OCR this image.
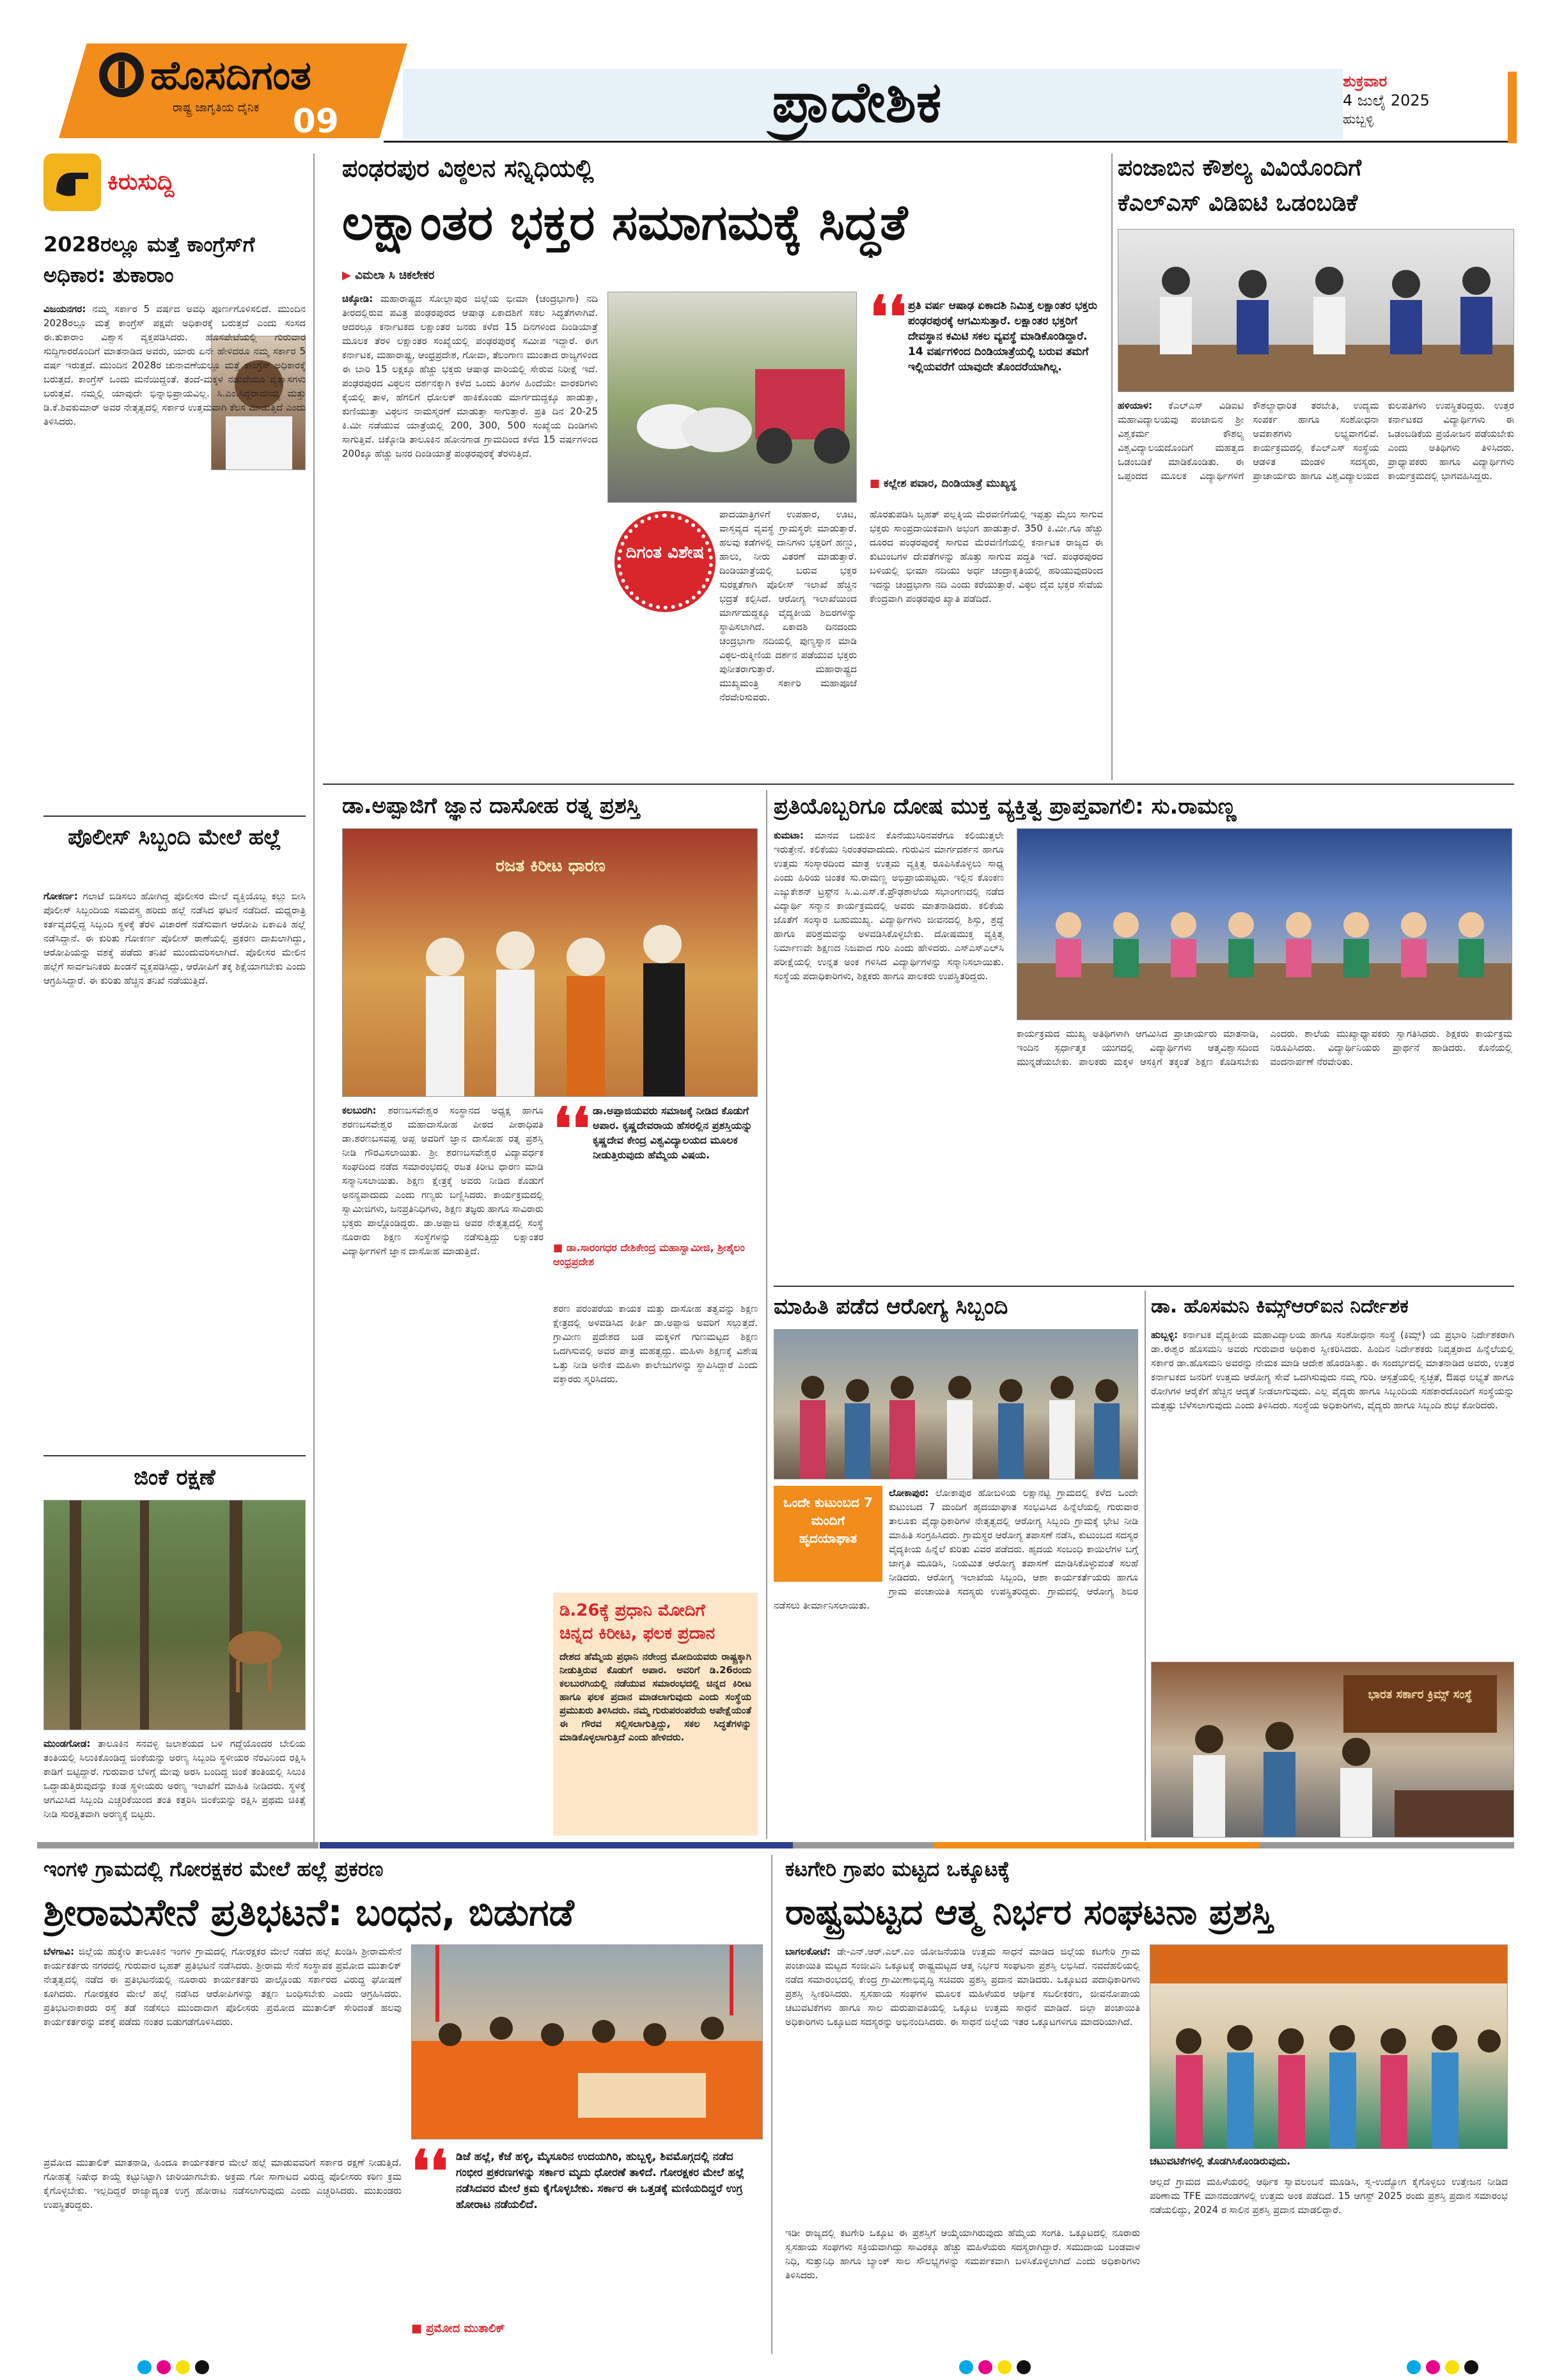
ಹೊಸದಿಗಂತ
ರಾಷ್ಟ್ರ ಜಾಗೃತಿಯ ದೈನಿಕ	09	ಪ್ರಾದೇಶಿಕ	ಶುಕ್ರವಾರ
4 ಜುಲೈ 2025
ಹುಬ್ಬಳ್ಳಿ
ಕಿರುಸುದ್ದಿ
2028ರಲ್ಲೂ ಮತ್ತೆ ಕಾಂಗ್ರೆಸ್‌ಗೆ ಅಧಿಕಾರ: ತುಕಾರಾಂ
ವಿಜಯನಗರ: ನಮ್ಮ ಸರ್ಕಾರ 5 ವರ್ಷದ ಅವಧಿ ಪೂರ್ಣಗೊಳಿಸಲಿದೆ. ಮುಂದಿನ 2028ರಲ್ಲೂ ಮತ್ತೆ ಕಾಂಗ್ರೆಸ್ ಪಕ್ಷವೇ ಅಧಿಕಾರಕ್ಕೆ ಬರುತ್ತದೆ ಎಂದು ಸಂಸದ ಈ.ತುಕಾರಾಂ ವಿಶ್ವಾಸ ವ್ಯಕ್ತಪಡಿಸಿದರು. ಹೊಸಪೇಟೆಯಲ್ಲಿ ಗುರುವಾರ ಸುದ್ದಿಗಾರರೊಂದಿಗೆ ಮಾತನಾಡಿದ ಅವರು, ಯಾರು ಏನೇ ಹೇಳಿದರೂ ನಮ್ಮ ಸರ್ಕಾರ 5 ವರ್ಷ ಇರುತ್ತದೆ. ಮುಂದಿನ 2028ರ ಚುನಾವಣೆಯಲ್ಲೂ ಮತ್ತೆ ಕಾಂಗ್ರೆಸ್ ಅಧಿಕಾರಕ್ಕೆ ಬರುತ್ತದೆ. ಕಾಂಗ್ರೆಸ್ ಒಂದು ಮನೆಯಿದ್ದಂತೆ. ತಂದೆ-ಮಕ್ಕಳ ನಡುವೆಯೂ ವ್ಯತ್ಯಾಸಗಳು ಬರುತ್ತವೆ. ನಮ್ಮಲ್ಲಿ ಯಾವುದೇ ಭಿನ್ನಾಭಿಪ್ರಾಯವಿಲ್ಲ. ಸಿ.ಎಂ.ಸಿದ್ದರಾಮಯ್ಯ ಮತ್ತು ಡಿ.ಕೆ.ಶಿವಕುಮಾರ್ ಅವರ ನೇತೃತ್ವದಲ್ಲಿ ಸರ್ಕಾರ ಉತ್ತಮವಾಗಿ ಕೆಲಸ ಮಾಡುತ್ತಿದೆ ಎಂದು ತಿಳಿಸಿದರು.
ಪೊಲೀಸ್ ಸಿಬ್ಬಂದಿ ಮೇಲೆ ಹಲ್ಲೆ
ಗೋಕರ್ಣ: ಗಲಾಟೆ ಬಿಡಿಸಲು ಹೋಗಿದ್ದ ಪೊಲೀಸರ ಮೇಲೆ ವ್ಯಕ್ತಿಯೊಬ್ಬ ಕಲ್ಲು ಬೀಸಿ ಪೊಲೀಸ್ ಸಿಬ್ಬಂದಿಯ ಸಮವಸ್ತ್ರ ಹರಿದು ಹಲ್ಲೆ ನಡೆಸಿದ ಘಟನೆ ನಡೆದಿದೆ. ಮಧ್ಯರಾತ್ರಿ ಕರ್ತವ್ಯದಲ್ಲಿದ್ದ ಸಿಬ್ಬಂದಿ ಸ್ಥಳಕ್ಕೆ ತೆರಳಿ ವಿಚಾರಣೆ ನಡೆಸುವಾಗ ಆರೋಪಿ ಏಕಾಏಕಿ ಹಲ್ಲೆ ನಡೆಸಿದ್ದಾನೆ. ಈ ಕುರಿತು ಗೋಕರ್ಣ ಪೊಲೀಸ್ ಠಾಣೆಯಲ್ಲಿ ಪ್ರಕರಣ ದಾಖಲಾಗಿದ್ದು, ಆರೋಪಿಯನ್ನು ವಶಕ್ಕೆ ಪಡೆದು ತನಿಖೆ ಮುಂದುವರಿಸಲಾಗಿದೆ. ಪೊಲೀಸರ ಮೇಲಿನ ಹಲ್ಲೆಗೆ ಸಾರ್ವಜನಿಕರು ಖಂಡನೆ ವ್ಯಕ್ತಪಡಿಸಿದ್ದು, ಆರೋಪಿಗೆ ತಕ್ಕ ಶಿಕ್ಷೆಯಾಗಬೇಕು ಎಂದು ಆಗ್ರಹಿಸಿದ್ದಾರೆ. ಈ ಕುರಿತು ಹೆಚ್ಚಿನ ತನಿಖೆ ನಡೆಯುತ್ತಿದೆ.
ಜಿಂಕೆ ರಕ್ಷಣೆ
ಮುಂಡಗೋಡ: ತಾಲೂಕಿನ ಸನವಳ್ಳಿ ಜಲಾಶಯದ ಬಳಿ ಗದ್ದೆಯೊಂದರ ಬೇಲಿಯ ತಂತಿಯಲ್ಲಿ ಸಿಲುಕಿಕೊಂಡಿದ್ದ ಜಿಂಕೆಯನ್ನು ಅರಣ್ಯ ಸಿಬ್ಬಂದಿ ಸ್ಥಳೀಯರ ನೆರವಿನಿಂದ ರಕ್ಷಿಸಿ ಕಾಡಿಗೆ ಬಿಟ್ಟಿದ್ದಾರೆ. ಗುರುವಾರ ಬೆಳಿಗ್ಗೆ ಮೇವು ಅರಸಿ ಬಂದಿದ್ದ ಜಿಂಕೆ ತಂತಿಯಲ್ಲಿ ಸಿಲುಕಿ ಒದ್ದಾಡುತ್ತಿರುವುದನ್ನು ಕಂಡ ಸ್ಥಳೀಯರು ಅರಣ್ಯ ಇಲಾಖೆಗೆ ಮಾಹಿತಿ ನೀಡಿದರು. ಸ್ಥಳಕ್ಕೆ ಆಗಮಿಸಿದ ಸಿಬ್ಬಂದಿ ಎಚ್ಚರಿಕೆಯಿಂದ ತಂತಿ ಕತ್ತರಿಸಿ ಜಿಂಕೆಯನ್ನು ರಕ್ಷಿಸಿ ಪ್ರಥಮ ಚಿಕಿತ್ಸೆ ನೀಡಿ ಸುರಕ್ಷಿತವಾಗಿ ಅರಣ್ಯಕ್ಕೆ ಬಿಟ್ಟರು.
ಪಂಢರಪುರ ವಿಠ್ಠಲನ ಸನ್ನಿಧಿಯಲ್ಲಿ
ಲಕ್ಷಾಂತರ ಭಕ್ತರ ಸಮಾಗಮಕ್ಕೆ ಸಿದ್ಧತೆ
▶ ವಿಮಲಾ ಸಿ ಚಿಕಲೇಕರ
ಚಿಕ್ಕೋಡಿ: ಮಹಾರಾಷ್ಟ್ರದ ಸೋಲ್ಲಾಪುರ ಜಿಲ್ಲೆಯ ಭೀಮಾ (ಚಂದ್ರಭಾಗಾ) ನದಿ ತೀರದಲ್ಲಿರುವ ಪವಿತ್ರ ಪಂಢರಪುರದ ಆಷಾಢ ಏಕಾದಶಿಗೆ ಸಕಲ ಸಿದ್ಧತೆಗಳಾಗಿವೆ. ಆದರಲ್ಲೂ ಕರ್ನಾಟಕದ ಲಕ್ಷಾಂತರ ಜನರು ಕಳೆದ 15 ದಿನಗಳಿಂದ ದಿಂಡಿಯಾತ್ರೆ ಮೂಲಕ ತೆರಳಿ ಲಕ್ಷಾಂತರ ಸಂಖ್ಯೆಯಲ್ಲಿ ಪಂಢರಪುರಕ್ಕೆ ಸಮೀಪ ಇದ್ದಾರೆ. ಈಗ ಕರ್ನಾಟಕ, ಮಹಾರಾಷ್ಟ್ರ, ಆಂಧ್ರಪ್ರದೇಶ, ಗೋವಾ, ತೆಲಂಗಾಣ ಮುಂತಾದ ರಾಜ್ಯಗಳಿಂದ ಈ ಬಾರಿ 15 ಲಕ್ಷಕ್ಕೂ ಹೆಚ್ಚು ಭಕ್ತರು ಆಷಾಢ ವಾರಿಯಲ್ಲಿ ಸೇರುವ ನಿರೀಕ್ಷೆ ಇದೆ. ಪಂಢರಪುರದ ವಿಠ್ಠಲನ ದರ್ಶನಕ್ಕಾಗಿ ಕಳೆದ ಒಂದು ತಿಂಗಳ ಹಿಂದೆಯೇ ವಾರಕರಿಗಳು ಕೈಯಲ್ಲಿ ತಾಳ, ಹೆಗಲಿಗೆ ಧೋಲಕ್ ಹಾಕಿಕೊಂಡು ಮಾರ್ಗದುದ್ದಕ್ಕೂ ಹಾಡುತ್ತಾ, ಕುಣಿಯುತ್ತಾ ವಿಠ್ಠಲನ ನಾಮಸ್ಮರಣೆ ಮಾಡುತ್ತಾ ಸಾಗುತ್ತಾರೆ. ಪ್ರತಿ ದಿನ 20-25 ಕಿ.ಮೀ ನಡೆಯುವ ಯಾತ್ರೆಯಲ್ಲಿ 200, 300, 500 ಸಂಖ್ಯೆಯ ದಿಂಡಿಗಳು ಸಾಗುತ್ತಿವೆ. ಚಿಕ್ಕೋಡಿ ತಾಲೂಕಿನ ಹೋನಗಾಡ ಗ್ರಾಮದಿಂದ ಕಳೆದ 15 ವರ್ಷಗಳಿಂದ 200ಕ್ಕೂ ಹೆಚ್ಚು ಜನರ ದಿಂಡಿಯಾತ್ರೆ ಪಂಢರಪುರಕ್ಕೆ ತೆರಳುತ್ತಿದೆ.
ದಿಗಂತ ವಿಶೇಷ
ಪಾದಯಾತ್ರಿಗಳಿಗೆ ಉಪಹಾರ, ಊಟ, ವಾಸ್ತವ್ಯದ ವ್ಯವಸ್ಥೆ ಗ್ರಾಮಸ್ಥರೇ ಮಾಡುತ್ತಾರೆ. ಹಲವು ಕಡೆಗಳಲ್ಲಿ ದಾನಿಗಳು ಭಕ್ತರಿಗೆ ಹಣ್ಣು, ಹಾಲು, ನೀರು ವಿತರಣೆ ಮಾಡುತ್ತಾರೆ. ದಿಂಡಿಯಾತ್ರೆಯಲ್ಲಿ ಬರುವ ಭಕ್ತರ ಸುರಕ್ಷತೆಗಾಗಿ ಪೊಲೀಸ್ ಇಲಾಖೆ ಹೆಚ್ಚಿನ ಭದ್ರತೆ ಕಲ್ಪಿಸಿದೆ. ಆರೋಗ್ಯ ಇಲಾಖೆಯಿಂದ ಮಾರ್ಗದುದ್ದಕ್ಕೂ ವೈದ್ಯಕೀಯ ಶಿಬಿರಗಳನ್ನು ಸ್ಥಾಪಿಸಲಾಗಿದೆ. ಏಕಾದಶಿ ದಿನದಂದು ಚಂದ್ರಭಾಗಾ ನದಿಯಲ್ಲಿ ಪುಣ್ಯಸ್ನಾನ ಮಾಡಿ ವಿಠ್ಠಲ-ರುಕ್ಮಿಣಿಯ ದರ್ಶನ ಪಡೆಯುವ ಭಕ್ತರು ಪುನೀತರಾಗುತ್ತಾರೆ. ಮಹಾರಾಷ್ಟ್ರದ ಮುಖ್ಯಮಂತ್ರಿ ಸರ್ಕಾರಿ ಮಹಾಪೂಜೆ ನೆರವೇರಿಸುವರು.
❛❛ ಪ್ರತಿ ವರ್ಷ ಆಷಾಢ ಏಕಾದಶಿ ನಿಮಿತ್ತ ಲಕ್ಷಾಂತರ ಭಕ್ತರು ಪಂಢರಪುರಕ್ಕೆ ಆಗಮಿಸುತ್ತಾರೆ. ಲಕ್ಷಾಂತರ ಭಕ್ತರಿಗೆ ದೇವಸ್ಥಾನ ಕಮಿಟಿ ಸಕಲ ವ್ಯವಸ್ಥೆ ಮಾಡಿಕೊಂಡಿದ್ದಾರೆ. 14 ವರ್ಷಗಳಿಂದ ದಿಂಡಿಯಾತ್ರೆಯಲ್ಲಿ ಬರುವ ತಮಗೆ ಇಲ್ಲಿಯವರೆಗೆ ಯಾವುದೇ ತೊಂದರೆಯಾಗಿಲ್ಲ.
■ ಕಲ್ಲೇಶ ಪವಾರ, ದಿಂಡಿಯಾತ್ರೆ ಮುಖ್ಯಸ್ಥ
ಹೊರತುಪಡಿಸಿ ಬೃಹತ್ ಪಲ್ಲಕ್ಕಿಯ ಮೆರವಣಿಗೆಯಲ್ಲಿ ಇಪ್ಪತ್ತು ಮೈಲು ಸಾಗುವ ಭಕ್ತರು ಸಾಂಪ್ರದಾಯಿಕವಾಗಿ ಅಭಂಗ ಹಾಡುತ್ತಾರೆ. 350 ಕಿ.ಮೀ.ಗೂ ಹೆಚ್ಚು ದೂರದ ಪಂಢರಪುರಕ್ಕೆ ಸಾಗುವ ಮೆರವಣಿಗೆಯಲ್ಲಿ ಕರ್ನಾಟಕ ರಾಜ್ಯದ ಈ ಕುಟುಂಬಗಳ ದೇವತೆಗಳನ್ನು ಹೊತ್ತು ಸಾಗುವ ಪದ್ಧತಿ ಇದೆ. ಪಂಢರಪುರದ ಬಳಿಯಲ್ಲಿ ಭೀಮಾ ನದಿಯು ಅರ್ಧ ಚಂದ್ರಾಕೃತಿಯಲ್ಲಿ ಹರಿಯುವುದರಿಂದ ಇದನ್ನು ಚಂದ್ರಭಾಗಾ ನದಿ ಎಂದು ಕರೆಯುತ್ತಾರೆ. ವಿಠ್ಠಲ ದೈವ ಭಕ್ತರ ಸೇವೆಯ ಕೇಂದ್ರವಾಗಿ ಪಂಢರಪುರ ಖ್ಯಾತಿ ಪಡೆದಿದೆ.
ಪಂಜಾಬಿನ ಕೌಶಲ್ಯ ವಿವಿಯೊಂದಿಗೆ
ಕೆಎಲ್‌ಎಸ್ ವಿಡಿಐಟಿ ಒಡಂಬಡಿಕೆ
ಹಳಿಯಾಳ: ಕೆಎಲ್‌ಎಸ್ ವಿಡಿಐಟಿ ಮಹಾವಿದ್ಯಾಲಯವು ಪಂಜಾಬಿನ ಶ್ರೀ ವಿಶ್ವಕರ್ಮ ಕೌಶಲ್ಯ ವಿಶ್ವವಿದ್ಯಾಲಯದೊಂದಿಗೆ ಮಹತ್ವದ ಒಡಂಬಡಿಕೆ ಮಾಡಿಕೊಂಡಿತು. ಈ ಒಪ್ಪಂದದ ಮೂಲಕ ವಿದ್ಯಾರ್ಥಿಗಳಿಗೆ ಕೌಶಲ್ಯಾಧಾರಿತ ತರಬೇತಿ, ಉದ್ಯಮ ಸಂಪರ್ಕ ಹಾಗೂ ಸಂಶೋಧನಾ ಅವಕಾಶಗಳು ಲಭ್ಯವಾಗಲಿವೆ. ಕಾರ್ಯಕ್ರಮದಲ್ಲಿ ಕೆಎಲ್‌ಎಸ್ ಸಂಸ್ಥೆಯ ಆಡಳಿತ ಮಂಡಳಿ ಸದಸ್ಯರು, ಪ್ರಾಚಾರ್ಯರು ಹಾಗೂ ವಿಶ್ವವಿದ್ಯಾಲಯದ ಕುಲಪತಿಗಳು ಉಪಸ್ಥಿತರಿದ್ದರು. ಉತ್ತರ ಕರ್ನಾಟಕದ ವಿದ್ಯಾರ್ಥಿಗಳು ಈ ಒಡಂಬಡಿಕೆಯ ಪ್ರಯೋಜನ ಪಡೆಯಬೇಕು ಎಂದು ಅತಿಥಿಗಳು ತಿಳಿಸಿದರು. ಪ್ರಾಧ್ಯಾಪಕರು ಹಾಗೂ ವಿದ್ಯಾರ್ಥಿಗಳು ಕಾರ್ಯಕ್ರಮದಲ್ಲಿ ಭಾಗವಹಿಸಿದ್ದರು.
ಡಾ.ಅಪ್ಪಾಜಿಗೆ ಜ್ಞಾನ ದಾಸೋಹ ರತ್ನ ಪ್ರಶಸ್ತಿ
ರಜತ ಕಿರೀಟ ಧಾರಣ
ಕಲಬುರಗಿ: ಶರಣಬಸವೇಶ್ವರ ಸಂಸ್ಥಾನದ ಅಧ್ಯಕ್ಷ ಹಾಗೂ ಶರಣಬಸವೇಶ್ವರ ಮಹಾದಾಸೋಹ ಪೀಠದ ಪೀಠಾಧಿಪತಿ ಡಾ.ಶರಣಬಸವಪ್ಪ ಅಪ್ಪ ಅವರಿಗೆ ಜ್ಞಾನ ದಾಸೋಹ ರತ್ನ ಪ್ರಶಸ್ತಿ ನೀಡಿ ಗೌರವಿಸಲಾಯಿತು. ಶ್ರೀ ಶರಣಬಸವೇಶ್ವರ ವಿದ್ಯಾವರ್ಧಕ ಸಂಘದಿಂದ ನಡೆದ ಸಮಾರಂಭದಲ್ಲಿ ರಜತ ಕಿರೀಟ ಧಾರಣ ಮಾಡಿ ಸನ್ಮಾನಿಸಲಾಯಿತು. ಶಿಕ್ಷಣ ಕ್ಷೇತ್ರಕ್ಕೆ ಅವರು ನೀಡಿದ ಕೊಡುಗೆ ಅನನ್ಯವಾದುದು ಎಂದು ಗಣ್ಯರು ಬಣ್ಣಿಸಿದರು. ಕಾರ್ಯಕ್ರಮದಲ್ಲಿ ಸ್ವಾಮೀಜಿಗಳು, ಜನಪ್ರತಿನಿಧಿಗಳು, ಶಿಕ್ಷಣ ತಜ್ಞರು ಹಾಗೂ ಸಾವಿರಾರು ಭಕ್ತರು ಪಾಲ್ಗೊಂಡಿದ್ದರು. ಡಾ.ಅಪ್ಪಾಜಿ ಅವರ ನೇತೃತ್ವದಲ್ಲಿ ಸಂಸ್ಥೆ ನೂರಾರು ಶಿಕ್ಷಣ ಸಂಸ್ಥೆಗಳನ್ನು ನಡೆಸುತ್ತಿದ್ದು ಲಕ್ಷಾಂತರ ವಿದ್ಯಾರ್ಥಿಗಳಿಗೆ ಜ್ಞಾನ ದಾಸೋಹ ಮಾಡುತ್ತಿದೆ.
❛❛ ಡಾ.ಅಪ್ಪಾಜಿಯವರು ಸಮಾಜಕ್ಕೆ ನೀಡಿದ ಕೊಡುಗೆ ಅಪಾರ. ಕೃಷ್ಣದೇವರಾಯ ಹೆಸರಲ್ಲಿನ ಪ್ರಶಸ್ತಿಯನ್ನು ಕೃಷ್ಣದೇವ ಕೇಂದ್ರ ವಿಶ್ವವಿದ್ಯಾಲಯದ ಮೂಲಕ ನೀಡುತ್ತಿರುವುದು ಹೆಮ್ಮೆಯ ವಿಷಯ.
■ ಡಾ.ಸಾರಂಗಧರ ದೇಶಿಕೇಂದ್ರ ಮಹಾಸ್ವಾಮೀಜಿ, ಶ್ರೀಶೈಲಂ ಆಂಧ್ರಪ್ರದೇಶ
ಶರಣ ಪರಂಪರೆಯ ಕಾಯಕ ಮತ್ತು ದಾಸೋಹ ತತ್ವವನ್ನು ಶಿಕ್ಷಣ ಕ್ಷೇತ್ರದಲ್ಲಿ ಅಳವಡಿಸಿದ ಕೀರ್ತಿ ಡಾ.ಅಪ್ಪಾಜಿ ಅವರಿಗೆ ಸಲ್ಲುತ್ತದೆ. ಗ್ರಾಮೀಣ ಪ್ರದೇಶದ ಬಡ ಮಕ್ಕಳಿಗೆ ಗುಣಮಟ್ಟದ ಶಿಕ್ಷಣ ಒದಗಿಸುವಲ್ಲಿ ಅವರ ಪಾತ್ರ ಮಹತ್ವದ್ದು. ಮಹಿಳಾ ಶಿಕ್ಷಣಕ್ಕೆ ವಿಶೇಷ ಒತ್ತು ನೀಡಿ ಅನೇಕ ಮಹಿಳಾ ಕಾಲೇಜುಗಳನ್ನು ಸ್ಥಾಪಿಸಿದ್ದಾರೆ ಎಂದು ವಕ್ತಾರರು ಸ್ಮರಿಸಿದರು.
ಡಿ.26ಕ್ಕೆ ಪ್ರಧಾನಿ ಮೋದಿಗೆ
ಚಿನ್ನದ ಕಿರೀಟ, ಫಲಕ ಪ್ರದಾನ
ದೇಶದ ಹೆಮ್ಮೆಯ ಪ್ರಧಾನಿ ನರೇಂದ್ರ ಮೋದಿಯವರು ರಾಷ್ಟ್ರಕ್ಕಾಗಿ ನೀಡುತ್ತಿರುವ ಕೊಡುಗೆ ಅಪಾರ. ಅವರಿಗೆ ಡಿ.26ರಂದು ಕಲಬುರಗಿಯಲ್ಲಿ ನಡೆಯುವ ಸಮಾರಂಭದಲ್ಲಿ ಚಿನ್ನದ ಕಿರೀಟ ಹಾಗೂ ಫಲಕ ಪ್ರದಾನ ಮಾಡಲಾಗುವುದು ಎಂದು ಸಂಸ್ಥೆಯ ಪ್ರಮುಖರು ತಿಳಿಸಿದರು. ನಮ್ಮ ಗುರುಪರಂಪರೆಯ ಅಪೇಕ್ಷೆಯಂತೆ ಈ ಗೌರವ ಸಲ್ಲಿಸಲಾಗುತ್ತಿದ್ದು, ಸಕಲ ಸಿದ್ಧತೆಗಳನ್ನು ಮಾಡಿಕೊಳ್ಳಲಾಗುತ್ತಿದೆ ಎಂದು ಹೇಳಿದರು.
ಪ್ರತಿಯೊಬ್ಬರಿಗೂ ದೋಷ ಮುಕ್ತ ವ್ಯಕ್ತಿತ್ವ ಪ್ರಾಪ್ತವಾಗಲಿ: ಸು.ರಾಮಣ್ಣ
ಕುಮಟಾ: ಮಾನವ ಬದುಕಿನ ಕೊನೆಯುಸಿರಿನವರೆಗೂ ಕಲಿಯುತ್ತಲೇ ಇರುತ್ತೇನೆ. ಕಲಿಕೆಯು ನಿರಂತರವಾದುದು. ಗುರುವಿನ ಮಾರ್ಗದರ್ಶನ ಹಾಗೂ ಉತ್ತಮ ಸಂಸ್ಕಾರದಿಂದ ಮಾತ್ರ ಉತ್ತಮ ವ್ಯಕ್ತಿತ್ವ ರೂಪಿಸಿಕೊಳ್ಳಲು ಸಾಧ್ಯ ಎಂದು ಹಿರಿಯ ಚಿಂತಕ ಸು.ರಾಮಣ್ಣ ಅಭಿಪ್ರಾಯಪಟ್ಟರು. ಇಲ್ಲಿನ ಕೊಂಕಣ ಎಜ್ಯುಕೇಶನ್ ಟ್ರಸ್ಟ್‌ನ ಸಿ.ವಿ.ಎಸ್.ಕೆ.ಪ್ರೌಢಶಾಲೆಯ ಸಭಾಂಗಣದಲ್ಲಿ ನಡೆದ ವಿದ್ಯಾರ್ಥಿ ಸನ್ಮಾನ ಕಾರ್ಯಕ್ರಮದಲ್ಲಿ ಅವರು ಮಾತನಾಡಿದರು. ಕಲಿಕೆಯ ಜೊತೆಗೆ ಸಂಸ್ಕಾರ ಬಹುಮುಖ್ಯ. ವಿದ್ಯಾರ್ಥಿಗಳು ಜೀವನದಲ್ಲಿ ಶಿಸ್ತು, ಶ್ರದ್ಧೆ ಹಾಗೂ ಪರಿಶ್ರಮವನ್ನು ಅಳವಡಿಸಿಕೊಳ್ಳಬೇಕು. ದೋಷಮುಕ್ತ ವ್ಯಕ್ತಿತ್ವ ನಿರ್ಮಾಣವೇ ಶಿಕ್ಷಣದ ನಿಜವಾದ ಗುರಿ ಎಂದು ಹೇಳಿದರು. ಎಸ್ಎಸ್ಎಲ್‌ಸಿ ಪರೀಕ್ಷೆಯಲ್ಲಿ ಉನ್ನತ ಅಂಕ ಗಳಿಸಿದ ವಿದ್ಯಾರ್ಥಿಗಳನ್ನು ಸನ್ಮಾನಿಸಲಾಯಿತು. ಸಂಸ್ಥೆಯ ಪದಾಧಿಕಾರಿಗಳು, ಶಿಕ್ಷಕರು ಹಾಗೂ ಪಾಲಕರು ಉಪಸ್ಥಿತರಿದ್ದರು.
ಕಾರ್ಯಕ್ರಮದ ಮುಖ್ಯ ಅತಿಥಿಗಳಾಗಿ ಆಗಮಿಸಿದ ಪ್ರಾಚಾರ್ಯರು ಮಾತನಾಡಿ, ಇಂದಿನ ಸ್ಪರ್ಧಾತ್ಮಕ ಯುಗದಲ್ಲಿ ವಿದ್ಯಾರ್ಥಿಗಳು ಆತ್ಮವಿಶ್ವಾಸದಿಂದ ಮುನ್ನಡೆಯಬೇಕು. ಪಾಲಕರು ಮಕ್ಕಳ ಆಸಕ್ತಿಗೆ ತಕ್ಕಂತೆ ಶಿಕ್ಷಣ ಕೊಡಿಸಬೇಕು ಎಂದರು. ಶಾಲೆಯ ಮುಖ್ಯಾಧ್ಯಾಪಕರು ಸ್ವಾಗತಿಸಿದರು. ಶಿಕ್ಷಕರು ಕಾರ್ಯಕ್ರಮ ನಿರೂಪಿಸಿದರು. ವಿದ್ಯಾರ್ಥಿನಿಯರು ಪ್ರಾರ್ಥನೆ ಹಾಡಿದರು. ಕೊನೆಯಲ್ಲಿ ವಂದನಾರ್ಪಣೆ ನೆರವೇರಿತು.
ಮಾಹಿತಿ ಪಡೆದ ಆರೋಗ್ಯ ಸಿಬ್ಬಂದಿ
ಒಂದೇ ಕುಟುಂಬದ 7 ಮಂದಿಗೆ ಹೃದಯಾಘಾತ
ಲೋಕಾಪುರ: ಲೋಕಾಪುರ ಹೋಬಳಿಯ ಲಕ್ಷಾನಟ್ಟಿ ಗ್ರಾಮದಲ್ಲಿ ಕಳೆದ ಒಂದೇ ಕುಟುಂಬದ 7 ಮಂದಿಗೆ ಹೃದಯಾಘಾತ ಸಂಭವಿಸಿದ ಹಿನ್ನೆಲೆಯಲ್ಲಿ ಗುರುವಾರ ತಾಲೂಕು ವೈದ್ಯಾಧಿಕಾರಿಗಳ ನೇತೃತ್ವದಲ್ಲಿ ಆರೋಗ್ಯ ಸಿಬ್ಬಂದಿ ಗ್ರಾಮಕ್ಕೆ ಭೇಟಿ ನೀಡಿ ಮಾಹಿತಿ ಸಂಗ್ರಹಿಸಿದರು. ಗ್ರಾಮಸ್ಥರ ಆರೋಗ್ಯ ತಪಾಸಣೆ ನಡೆಸಿ, ಕುಟುಂಬದ ಸದಸ್ಯರ ವೈದ್ಯಕೀಯ ಹಿನ್ನೆಲೆ ಕುರಿತು ವಿವರ ಪಡೆದರು. ಹೃದಯ ಸಂಬಂಧಿ ಕಾಯಿಲೆಗಳ ಬಗ್ಗೆ ಜಾಗೃತಿ ಮೂಡಿಸಿ, ನಿಯಮಿತ ಆರೋಗ್ಯ ತಪಾಸಣೆ ಮಾಡಿಸಿಕೊಳ್ಳುವಂತೆ ಸಲಹೆ ನೀಡಿದರು. ಆರೋಗ್ಯ ಇಲಾಖೆಯ ಸಿಬ್ಬಂದಿ, ಆಶಾ ಕಾರ್ಯಕರ್ತೆಯರು ಹಾಗೂ ಗ್ರಾಮ ಪಂಚಾಯಿತಿ ಸದಸ್ಯರು ಉಪಸ್ಥಿತರಿದ್ದರು. ಗ್ರಾಮದಲ್ಲಿ ಆರೋಗ್ಯ ಶಿಬಿರ ನಡೆಸಲು ತೀರ್ಮಾನಿಸಲಾಯಿತು.
ಡಾ. ಹೊಸಮನಿ ಕಿಮ್ಸ್‌ಆರ್‌ಐನ ನಿರ್ದೇಶಕ
ಹುಬ್ಬಳ್ಳಿ: ಕರ್ನಾಟಕ ವೈದ್ಯಕೀಯ ಮಹಾವಿದ್ಯಾಲಯ ಹಾಗೂ ಸಂಶೋಧನಾ ಸಂಸ್ಥೆ (ಕಿಮ್ಸ್) ಯ ಪ್ರಭಾರಿ ನಿರ್ದೇಶಕರಾಗಿ ಡಾ.ಈಶ್ವರ ಹೊಸಮನಿ ಅವರು ಗುರುವಾರ ಅಧಿಕಾರ ಸ್ವೀಕರಿಸಿದರು. ಹಿಂದಿನ ನಿರ್ದೇಶಕರು ನಿವೃತ್ತರಾದ ಹಿನ್ನೆಲೆಯಲ್ಲಿ ಸರ್ಕಾರ ಡಾ.ಹೊಸಮನಿ ಅವರನ್ನು ನೇಮಕ ಮಾಡಿ ಆದೇಶ ಹೊರಡಿಸಿತ್ತು. ಈ ಸಂದರ್ಭದಲ್ಲಿ ಮಾತನಾಡಿದ ಅವರು, ಉತ್ತರ ಕರ್ನಾಟಕದ ಜನರಿಗೆ ಉತ್ತಮ ಆರೋಗ್ಯ ಸೇವೆ ಒದಗಿಸುವುದು ನಮ್ಮ ಗುರಿ. ಆಸ್ಪತ್ರೆಯಲ್ಲಿ ಸ್ವಚ್ಛತೆ, ಔಷಧ ಲಭ್ಯತೆ ಹಾಗೂ ರೋಗಿಗಳ ಆರೈಕೆಗೆ ಹೆಚ್ಚಿನ ಆದ್ಯತೆ ನೀಡಲಾಗುವುದು. ಎಲ್ಲ ವೈದ್ಯರು ಹಾಗೂ ಸಿಬ್ಬಂದಿಯ ಸಹಕಾರದೊಂದಿಗೆ ಸಂಸ್ಥೆಯನ್ನು ಮತ್ತಷ್ಟು ಬೆಳೆಸಲಾಗುವುದು ಎಂದು ತಿಳಿಸಿದರು. ಸಂಸ್ಥೆಯ ಅಧಿಕಾರಿಗಳು, ವೈದ್ಯರು ಹಾಗೂ ಸಿಬ್ಬಂದಿ ಶುಭ ಕೋರಿದರು.
ಭಾರತ ಸರ್ಕಾರ ಕ್ರಿಮ್ಸ್ ಸಂಸ್ಥೆ
ಇಂಗಳಿ ಗ್ರಾಮದಲ್ಲಿ ಗೋರಕ್ಷಕರ ಮೇಲೆ ಹಲ್ಲೆ ಪ್ರಕರಣ
ಶ್ರೀರಾಮಸೇನೆ ಪ್ರತಿಭಟನೆ: ಬಂಧನ, ಬಿಡುಗಡೆ
ಬೆಳಗಾವಿ: ಜಿಲ್ಲೆಯ ಹುಕ್ಕೇರಿ ತಾಲೂಕಿನ ಇಂಗಳಿ ಗ್ರಾಮದಲ್ಲಿ ಗೋರಕ್ಷಕರ ಮೇಲೆ ನಡೆದ ಹಲ್ಲೆ ಖಂಡಿಸಿ ಶ್ರೀರಾಮಸೇನೆ ಕಾರ್ಯಕರ್ತರು ನಗರದಲ್ಲಿ ಗುರುವಾರ ಬೃಹತ್ ಪ್ರತಿಭಟನೆ ನಡೆಸಿದರು. ಶ್ರೀರಾಮ ಸೇನೆ ಸಂಸ್ಥಾಪಕ ಪ್ರಮೋದ ಮುತಾಲಿಕ್ ನೇತೃತ್ವದಲ್ಲಿ ನಡೆದ ಈ ಪ್ರತಿಭಟನೆಯಲ್ಲಿ ನೂರಾರು ಕಾರ್ಯಕರ್ತರು ಪಾಲ್ಗೊಂಡು ಸರ್ಕಾರದ ವಿರುದ್ಧ ಘೋಷಣೆ ಕೂಗಿದರು. ಗೋರಕ್ಷಕರ ಮೇಲೆ ಹಲ್ಲೆ ನಡೆಸಿದ ಆರೋಪಿಗಳನ್ನು ತಕ್ಷಣ ಬಂಧಿಸಬೇಕು ಎಂದು ಆಗ್ರಹಿಸಿದರು. ಪ್ರತಿಭಟನಾಕಾರರು ರಸ್ತೆ ತಡೆ ನಡೆಸಲು ಮುಂದಾದಾಗ ಪೊಲೀಸರು ಪ್ರಮೋದ ಮುತಾಲಿಕ್ ಸೇರಿದಂತೆ ಹಲವು ಕಾರ್ಯಕರ್ತರನ್ನು ವಶಕ್ಕೆ ಪಡೆದು ನಂತರ ಬಿಡುಗಡೆಗೊಳಿಸಿದರು.
ಪ್ರಮೋದ ಮುತಾಲಿಕ್ ಮಾತನಾಡಿ, ಹಿಂದೂ ಕಾರ್ಯಕರ್ತರ ಮೇಲೆ ಹಲ್ಲೆ ಮಾಡುವವರಿಗೆ ಸರ್ಕಾರ ರಕ್ಷಣೆ ನೀಡುತ್ತಿದೆ. ಗೋಹತ್ಯೆ ನಿಷೇಧ ಕಾಯ್ದೆ ಕಟ್ಟುನಿಟ್ಟಾಗಿ ಜಾರಿಯಾಗಬೇಕು. ಅಕ್ರಮ ಗೋ ಸಾಗಾಟದ ವಿರುದ್ಧ ಪೊಲೀಸರು ಕಠಿಣ ಕ್ರಮ ಕೈಗೊಳ್ಳಬೇಕು. ಇಲ್ಲದಿದ್ದರೆ ರಾಜ್ಯಾದ್ಯಂತ ಉಗ್ರ ಹೋರಾಟ ನಡೆಸಲಾಗುವುದು ಎಂದು ಎಚ್ಚರಿಸಿದರು. ಮುಖಂಡರು ಉಪಸ್ಥಿತರಿದ್ದರು.	❛❛ ಡಿಜೆ ಹಲ್ಲೆ, ಕೆಜೆ ಹಳ್ಳಿ, ಮೈಸೂರಿನ ಉದಯಗಿರಿ, ಹುಬ್ಬಳ್ಳಿ, ಶಿವಮೊಗ್ಗದಲ್ಲಿ ನಡೆದ ಗಂಭೀರ ಪ್ರಕರಣಗಳನ್ನು ಸರ್ಕಾರ ಮೃದು ಧೋರಣೆ ತಾಳಿದೆ. ಗೋರಕ್ಷಕರ ಮೇಲೆ ಹಲ್ಲೆ ನಡೆಸಿದವರ ಮೇಲೆ ಕ್ರಮ ಕೈಗೊಳ್ಳಬೇಕು. ಸರ್ಕಾರ ಈ ಒತ್ತಡಕ್ಕೆ ಮಣಿಯದಿದ್ದರೆ ಉಗ್ರ ಹೋರಾಟ ನಡೆಯಲಿದೆ.
■ ಪ್ರಮೋದ ಮುತಾಲಿಕ್
ಕಟಗೇರಿ ಗ್ರಾಪಂ ಮಟ್ಟದ ಒಕ್ಕೂಟಕ್ಕೆ
ರಾಷ್ಟ್ರಮಟ್ಟದ ಆತ್ಮ ನಿರ್ಭರ ಸಂಘಟನಾ ಪ್ರಶಸ್ತಿ
ಬಾಗಲಕೋಟೆ: ಡೇ-ಎನ್.ಆರ್.ಎಲ್.ಎಂ ಯೋಜನೆಯಡಿ ಉತ್ತಮ ಸಾಧನೆ ಮಾಡಿದ ಜಿಲ್ಲೆಯ ಕಟಗೇರಿ ಗ್ರಾಮ ಪಂಚಾಯಿತಿ ಮಟ್ಟದ ಸಂಜೀವಿನಿ ಒಕ್ಕೂಟಕ್ಕೆ ರಾಷ್ಟ್ರಮಟ್ಟದ ಆತ್ಮ ನಿರ್ಭರ ಸಂಘಟನಾ ಪ್ರಶಸ್ತಿ ಲಭಿಸಿದೆ. ನವದೆಹಲಿಯಲ್ಲಿ ನಡೆದ ಸಮಾರಂಭದಲ್ಲಿ ಕೇಂದ್ರ ಗ್ರಾಮೀಣಾಭಿವೃದ್ಧಿ ಸಚಿವರು ಪ್ರಶಸ್ತಿ ಪ್ರದಾನ ಮಾಡಿದರು. ಒಕ್ಕೂಟದ ಪದಾಧಿಕಾರಿಗಳು ಪ್ರಶಸ್ತಿ ಸ್ವೀಕರಿಸಿದರು. ಸ್ವಸಹಾಯ ಸಂಘಗಳ ಮೂಲಕ ಮಹಿಳೆಯರ ಆರ್ಥಿಕ ಸಬಲೀಕರಣ, ಜೀವನೋಪಾಯ ಚಟುವಟಿಕೆಗಳು ಹಾಗೂ ಸಾಲ ಮರುಪಾವತಿಯಲ್ಲಿ ಒಕ್ಕೂಟ ಉತ್ತಮ ಸಾಧನೆ ಮಾಡಿದೆ. ಜಿಲ್ಲಾ ಪಂಚಾಯಿತಿ ಅಧಿಕಾರಿಗಳು ಒಕ್ಕೂಟದ ಸದಸ್ಯರನ್ನು ಅಭಿನಂದಿಸಿದರು. ಈ ಸಾಧನೆ ಜಿಲ್ಲೆಯ ಇತರ ಒಕ್ಕೂಟಗಳಿಗೂ ಮಾದರಿಯಾಗಿದೆ.
ಇಡೀ ರಾಜ್ಯದಲ್ಲಿ ಕಟಗೇರಿ ಒಕ್ಕೂಟ ಈ ಪ್ರಶಸ್ತಿಗೆ ಆಯ್ಕೆಯಾಗಿರುವುದು ಹೆಮ್ಮೆಯ ಸಂಗತಿ. ಒಕ್ಕೂಟದಲ್ಲಿ ನೂರಾರು ಸ್ವಸಹಾಯ ಸಂಘಗಳು ಸಕ್ರಿಯವಾಗಿದ್ದು ಸಾವಿರಕ್ಕೂ ಹೆಚ್ಚು ಮಹಿಳೆಯರು ಸದಸ್ಯರಾಗಿದ್ದಾರೆ. ಸಮುದಾಯ ಬಂಡವಾಳ ನಿಧಿ, ಸುತ್ತುನಿಧಿ ಹಾಗೂ ಬ್ಯಾಂಕ್ ಸಾಲ ಸೌಲಭ್ಯಗಳನ್ನು ಸಮರ್ಪಕವಾಗಿ ಬಳಸಿಕೊಳ್ಳಲಾಗಿದೆ ಎಂದು ಅಧಿಕಾರಿಗಳು ತಿಳಿಸಿದರು.
ಚಟುವಟಿಕೆಗಳಲ್ಲಿ ತೊಡಗಿಸಿಕೊಂಡಿರುವುದು.
ಆಲ್ಲದೆ ಗ್ರಾಮದ ಮಹಿಳೆಯರಲ್ಲಿ ಆರ್ಥಿಕ ಸ್ವಾವಲಂಬನೆ ಮೂಡಿಸಿ, ಸ್ವ-ಉದ್ಯೋಗ ಕೈಗೊಳ್ಳಲು ಉತ್ತೇಜನ ನೀಡಿದ ಪರಿಣಾಮ TFE ಮಾನದಂಡಗಳಲ್ಲಿ ಉತ್ತಮ ಅಂಕ ಪಡೆದಿದೆ. 15 ಆಗಸ್ಟ್ 2025 ರಂದು ಪ್ರಶಸ್ತಿ ಪ್ರದಾನ ಸಮಾರಂಭ ನಡೆಯಲಿದ್ದು, 2024 ರ ಸಾಲಿನ ಪ್ರಶಸ್ತಿ ಪ್ರದಾನ ಮಾಡಲಿದ್ದಾರೆ.
